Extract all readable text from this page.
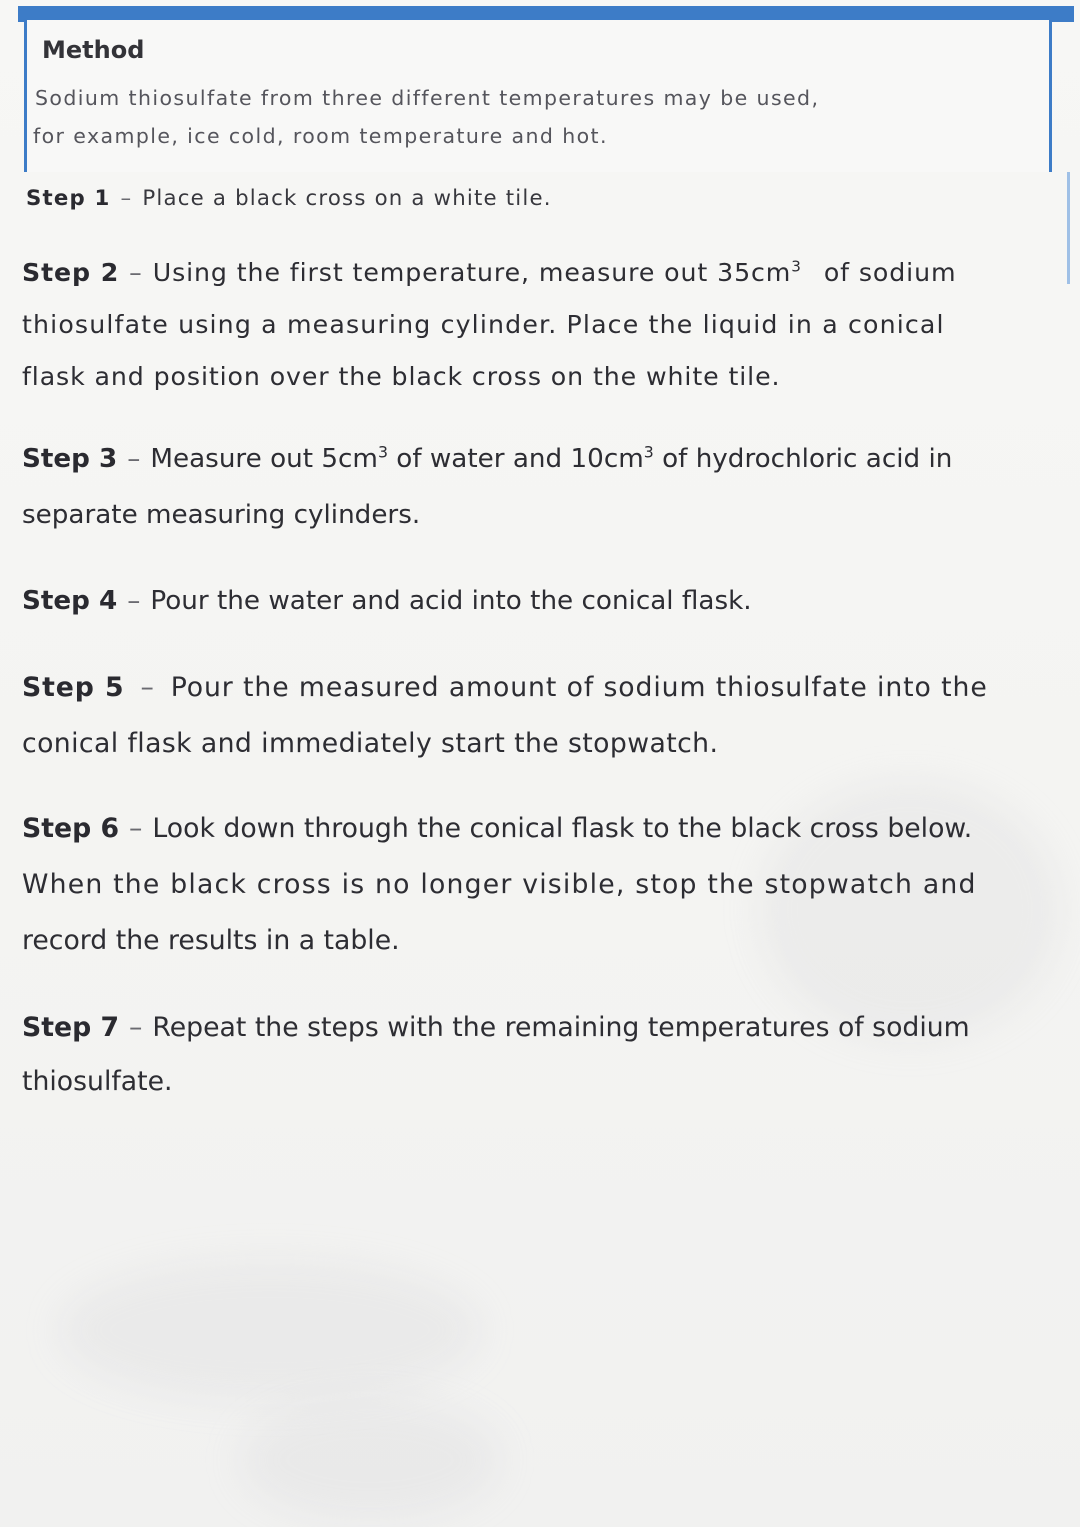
Method
Sodium thiosulfate from three different temperatures may be used,
for example, ice cold, room temperature and hot.
Step 1 – Place a black cross on a white tile.
Step 2 – Using the first temperature, measure out $35cm^3$ of sodium
thiosulfate using a measuring cylinder. Place the liquid in a conical
flask and position over the black cross on the white tile.
Step 3 – Measure out $5cm^3$ of water and $10cm^3$ of hydrochloric acid in
separate measuring cylinders.
Step 4 – Pour the water and acid into the conical flask.
Step 5 – Pour the measured amount of sodium thiosulfate into the
conical flask and immediately start the stopwatch.
Step 6 – Look down through the conical flask to the black cross below.
When the black cross is no longer visible, stop the stopwatch and
record the results in a table.
Step 7 – Repeat the steps with the remaining temperatures of sodium
thiosulfate.
